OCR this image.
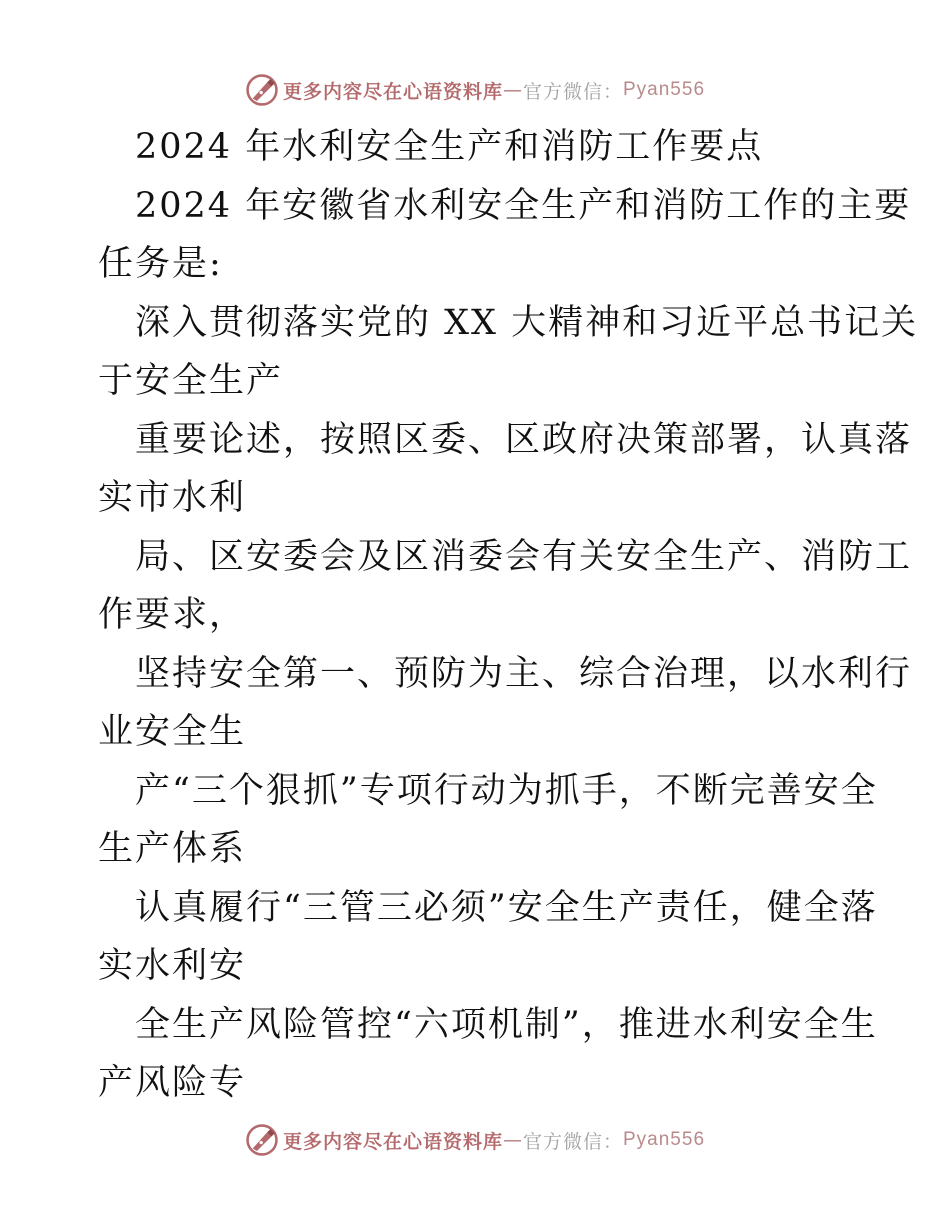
更多内容尽在心语资料库 — 官方微信： Pyan556
2024 年水利安全生产和消防工作要点
2024 年安徽省水利安全生产和消防工作的主要
任务是:
深入贯彻落实党的 XX 大精神和习近平总书记关
于安全生产
重要论述，按照区委、区政府决策部署，认真落
实市水利
局、区安委会及区消委会有关安全生产、消防工
作要求，
坚持安全第一、预防为主、综合治理，以水利行
业安全生
产“三个狠抓”专项行动为抓手，不断完善安全
生产体系
认真履行“三管三必须”安全生产责任，健全落
实水利安
全生产风险管控“六项机制”，推进水利安全生
产风险专
更多内容尽在心语资料库 — 官方微信： Pyan556
